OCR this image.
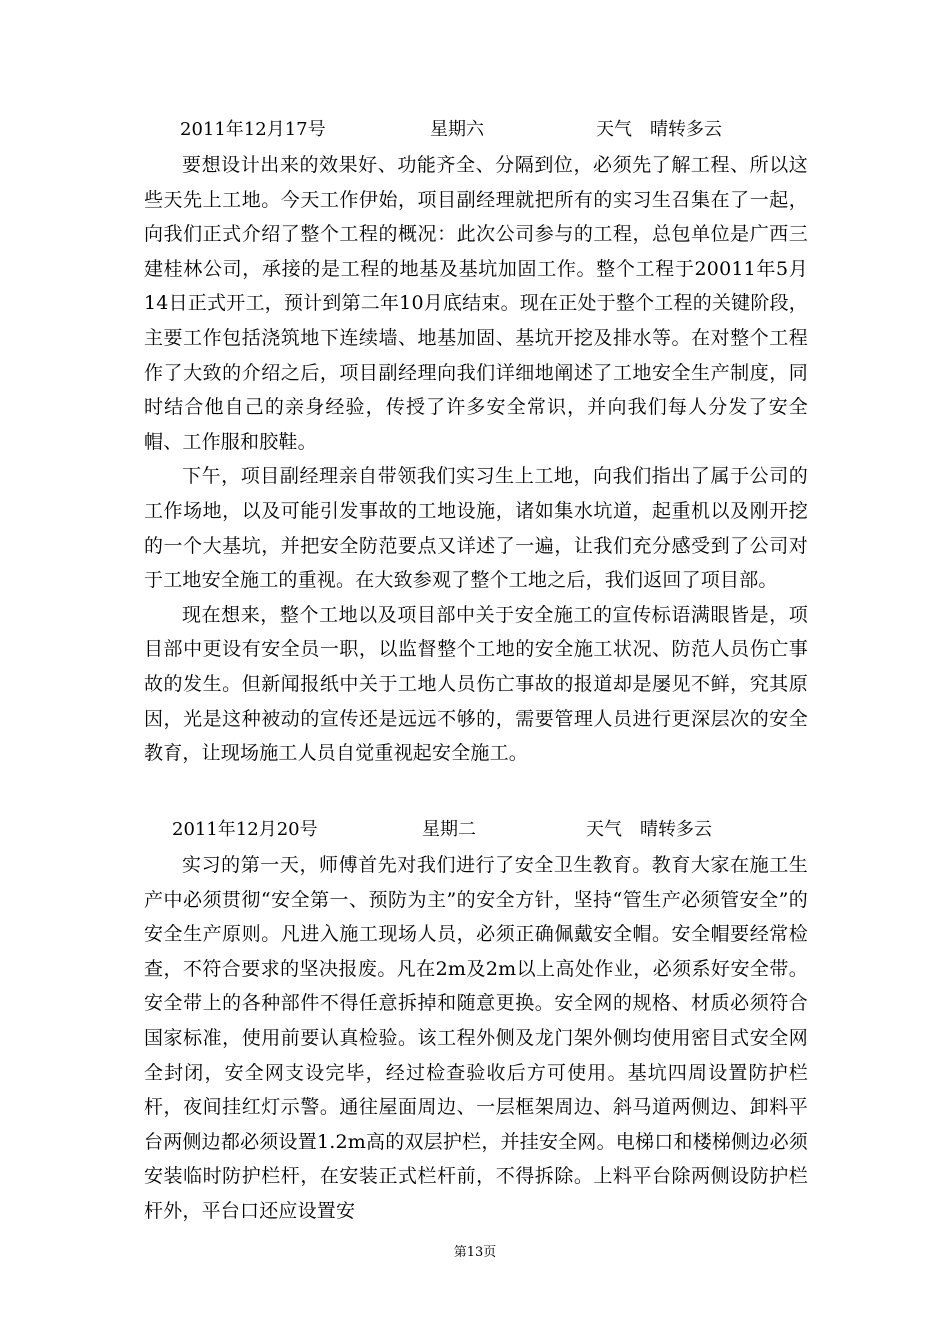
2011年12月17号	星期六	天气　晴转多云

要想设计出来的效果好、功能齐全、分隔到位，必须先了解工程、所以这些天先上工地。今天工作伊始，项目副经理就把所有的实习生召集在了一起，向我们正式介绍了整个工程的概况：此次公司参与的工程，总包单位是广西三建桂林公司，承接的是工程的地基及基坑加固工作。整个工程于20011年5月14日正式开工，预计到第二年10月底结束。现在正处于整个工程的关键阶段，主要工作包括浇筑地下连续墙、地基加固、基坑开挖及排水等。在对整个工程作了大致的介绍之后，项目副经理向我们详细地阐述了工地安全生产制度，同时结合他自己的亲身经验，传授了许多安全常识，并向我们每人分发了安全帽、工作服和胶鞋。

下午，项目副经理亲自带领我们实习生上工地，向我们指出了属于公司的工作场地，以及可能引发事故的工地设施，诸如集水坑道，起重机以及刚开挖的一个大基坑，并把安全防范要点又详述了一遍，让我们充分感受到了公司对于工地安全施工的重视。在大致参观了整个工地之后，我们返回了项目部。

现在想来，整个工地以及项目部中关于安全施工的宣传标语满眼皆是，项目部中更设有安全员一职，以监督整个工地的安全施工状况、防范人员伤亡事故的发生。但新闻报纸中关于工地人员伤亡事故的报道却是屡见不鲜，究其原因，光是这种被动的宣传还是远远不够的，需要管理人员进行更深层次的安全教育，让现场施工人员自觉重视起安全施工。

2011年12月20号	星期二	天气　晴转多云

实习的第一天，师傅首先对我们进行了安全卫生教育。教育大家在施工生产中必须贯彻“安全第一、预防为主”的安全方针，坚持“管生产必须管安全”的安全生产原则。凡进入施工现场人员，必须正确佩戴安全帽。安全帽要经常检查，不符合要求的坚决报废。凡在2m及2m以上高处作业，必须系好安全带。安全带上的各种部件不得任意拆掉和随意更换。安全网的规格、材质必须符合国家标准，使用前要认真检验。该工程外侧及龙门架外侧均使用密目式安全网全封闭，安全网支设完毕，经过检查验收后方可使用。基坑四周设置防护栏杆，夜间挂红灯示警。通往屋面周边、一层框架周边、斜马道两侧边、卸料平台两侧边都必须设置1.2m高的双层护栏，并挂安全网。电梯口和楼梯侧边必须安装临时防护栏杆，在安装正式栏杆前，不得拆除。上料平台除两侧设防护栏杆外，平台口还应设置安

第13页
